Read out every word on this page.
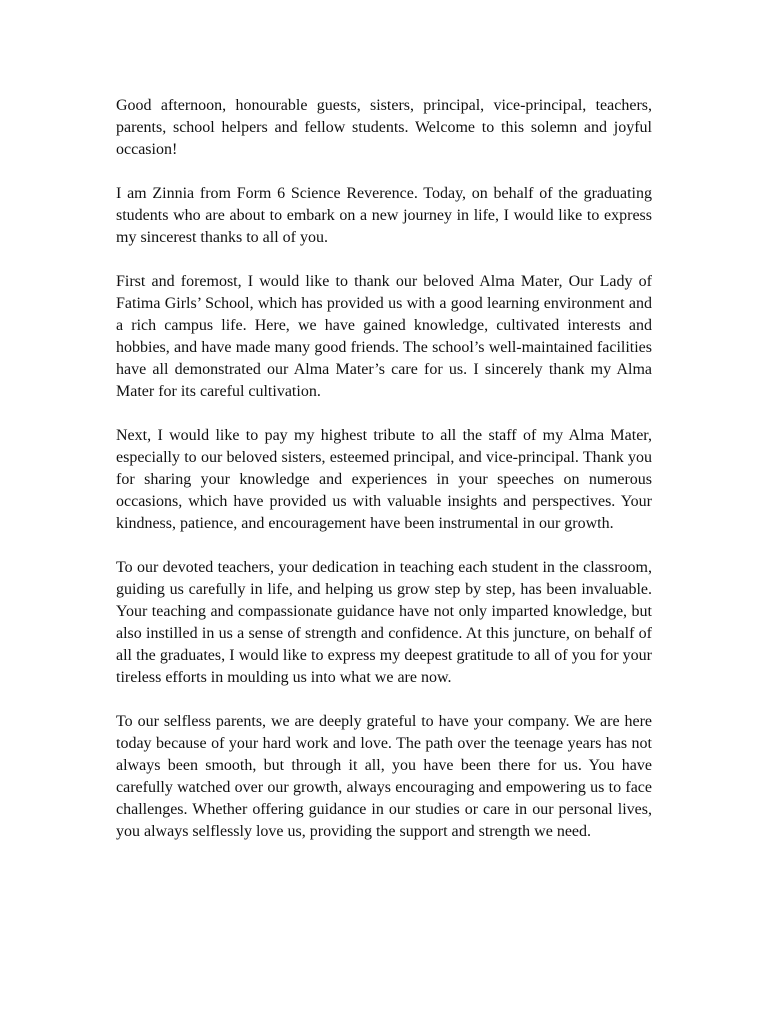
Good afternoon, honourable guests, sisters, principal, vice-principal, teachers, parents, school helpers and fellow students. Welcome to this solemn and joyful occasion!

I am Zinnia from Form 6 Science Reverence. Today, on behalf of the graduating students who are about to embark on a new journey in life, I would like to express my sincerest thanks to all of you.

First and foremost, I would like to thank our beloved Alma Mater, Our Lady of Fatima Girls’ School, which has provided us with a good learning environment and a rich campus life. Here, we have gained knowledge, cultivated interests and hobbies, and have made many good friends. The school’s well-maintained facilities have all demonstrated our Alma Mater’s care for us. I sincerely thank my Alma Mater for its careful cultivation.

Next, I would like to pay my highest tribute to all the staff of my Alma Mater, especially to our beloved sisters, esteemed principal, and vice-principal. Thank you for sharing your knowledge and experiences in your speeches on numerous occasions, which have provided us with valuable insights and perspectives. Your kindness, patience, and encouragement have been instrumental in our growth.

To our devoted teachers, your dedication in teaching each student in the classroom, guiding us carefully in life, and helping us grow step by step, has been invaluable. Your teaching and compassionate guidance have not only imparted knowledge, but also instilled in us a sense of strength and confidence. At this juncture, on behalf of all the graduates, I would like to express my deepest gratitude to all of you for your tireless efforts in moulding us into what we are now.

To our selfless parents, we are deeply grateful to have your company. We are here today because of your hard work and love. The path over the teenage years has not always been smooth, but through it all, you have been there for us. You have carefully watched over our growth, always encouraging and empowering us to face challenges. Whether offering guidance in our studies or care in our personal lives, you always selflessly love us, providing the support and strength we need.
